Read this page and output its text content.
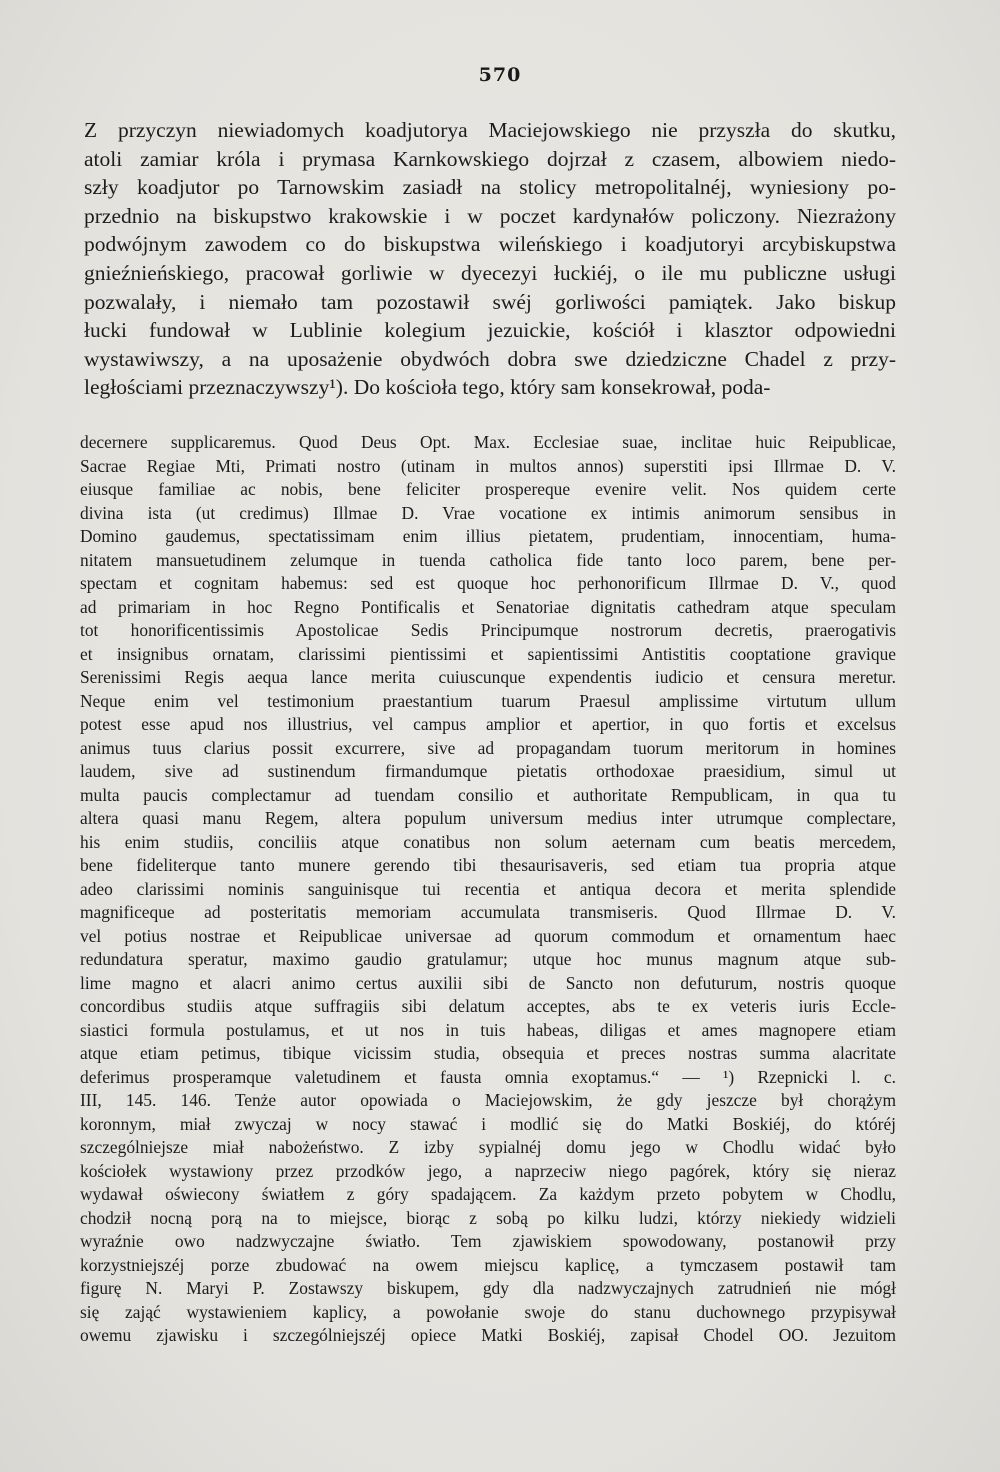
570
Z przyczyn niewiadomych koadjutorya Maciejowskiego nie przyszła do skutku,
atoli zamiar króla i prymasa Karnkowskiego dojrzał z czasem, albowiem niedo-
szły koadjutor po Tarnowskim zasiadł na stolicy metropolitalnéj, wyniesiony po-
przednio na biskupstwo krakowskie i w poczet kardynałów policzony. Niezrażony
podwójnym zawodem co do biskupstwa wileńskiego i koadjutoryi arcybiskupstwa
gnieźnieńskiego, pracował gorliwie w dyecezyi łuckiéj, o ile mu publiczne usługi
pozwalały, i niemało tam pozostawił swéj gorliwości pamiątek. Jako biskup
łucki fundował w Lublinie kolegium jezuickie, kościół i klasztor odpowiedni
wystawiwszy, a na uposażenie obydwóch dobra swe dziedziczne Chadel z przy-
ległościami przeznaczywszy¹). Do kościoła tego, który sam konsekrował, poda-
decernere supplicaremus. Quod Deus Opt. Max. Ecclesiae suae, inclitae huic Reipublicae,
Sacrae Regiae Mti, Primati nostro (utinam in multos annos) superstiti ipsi Illrmae D. V.
eiusque familiae ac nobis, bene feliciter prospereque evenire velit. Nos quidem certe
divina ista (ut credimus) Illmae D. Vrae vocatione ex intimis animorum sensibus in
Domino gaudemus, spectatissimam enim illius pietatem, prudentiam, innocentiam, huma-
nitatem mansuetudinem zelumque in tuenda catholica fide tanto loco parem, bene per-
spectam et cognitam habemus: sed est quoque hoc perhonorificum Illrmae D. V., quod
ad primariam in hoc Regno Pontificalis et Senatoriae dignitatis cathedram atque speculam
tot honorificentissimis Apostolicae Sedis Principumque nostrorum decretis, praerogativis
et insignibus ornatam, clarissimi pientissimi et sapientissimi Antistitis cooptatione gravique
Serenissimi Regis aequa lance merita cuiuscunque expendentis iudicio et censura meretur.
Neque enim vel testimonium praestantium tuarum Praesul amplissime virtutum ullum
potest esse apud nos illustrius, vel campus amplior et apertior, in quo fortis et excelsus
animus tuus clarius possit excurrere, sive ad propagandam tuorum meritorum in homines
laudem, sive ad sustinendum firmandumque pietatis orthodoxae praesidium, simul ut
multa paucis complectamur ad tuendam consilio et authoritate Rempublicam, in qua tu
altera quasi manu Regem, altera populum universum medius inter utrumque complectare,
his enim studiis, conciliis atque conatibus non solum aeternam cum beatis mercedem,
bene fideliterque tanto munere gerendo tibi thesaurisaveris, sed etiam tua propria atque
adeo clarissimi nominis sanguinisque tui recentia et antiqua decora et merita splendide
magnificeque ad posteritatis memoriam accumulata transmiseris. Quod Illrmae D. V.
vel potius nostrae et Reipublicae universae ad quorum commodum et ornamentum haec
redundatura speratur, maximo gaudio gratulamur; utque hoc munus magnum atque sub-
lime magno et alacri animo certus auxilii sibi de Sancto non defuturum, nostris quoque
concordibus studiis atque suffragiis sibi delatum acceptes, abs te ex veteris iuris Eccle-
siastici formula postulamus, et ut nos in tuis habeas, diligas et ames magnopere etiam
atque etiam petimus, tibique vicissim studia, obsequia et preces nostras summa alacritate
deferimus prosperamque valetudinem et fausta omnia exoptamus.“ — ¹) Rzepnicki l. c.
III, 145. 146. Tenże autor opowiada o Maciejowskim, że gdy jeszcze był chorążym
koronnym, miał zwyczaj w nocy stawać i modlić się do Matki Boskiéj, do któréj
szczególniejsze miał nabożeństwo. Z izby sypialnéj domu jego w Chodlu widać było
kościołek wystawiony przez przodków jego, a naprzeciw niego pagórek, który się nieraz
wydawał oświecony światłem z góry spadającem. Za każdym przeto pobytem w Chodlu,
chodził nocną porą na to miejsce, biorąc z sobą po kilku ludzi, którzy niekiedy widzieli
wyraźnie owo nadzwyczajne światło. Tem zjawiskiem spowodowany, postanowił przy
korzystniejszéj porze zbudować na owem miejscu kaplicę, a tymczasem postawił tam
figurę N. Maryi P. Zostawszy biskupem, gdy dla nadzwyczajnych zatrudnień nie mógł
się zająć wystawieniem kaplicy, a powołanie swoje do stanu duchownego przypisywał
owemu zjawisku i szczególniejszéj opiece Matki Boskiéj, zapisał Chodel OO. Jezuitom
